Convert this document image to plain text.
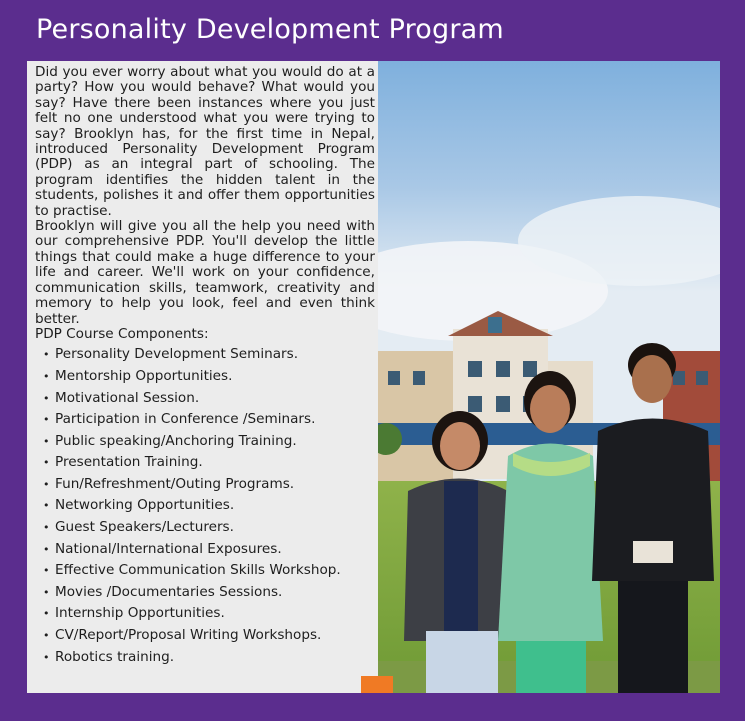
Personality Development Program

Did you ever worry about what you would do at a party? How you would behave? What would you say? Have there been instances where you just felt no one understood what you were trying to say? Brooklyn has, for the first time in Nepal, introduced Personality Development Program (PDP) as an integral part of schooling. The program identifies the hidden talent in the students, polishes it and offer them opportunities to practise.

Brooklyn will give you all the help you need with our comprehensive PDP. You'll develop the little things that could make a huge difference to your life and career. We'll work on your confidence, communication skills, teamwork, creativity and memory to help you look, feel and even think better.

PDP Course Components:

• Personality Development Seminars.
• Mentorship Opportunities.
• Motivational Session.
• Participation in Conference /Seminars.
• Public speaking/Anchoring Training.
• Presentation Training.
• Fun/Refreshment/Outing Programs.
• Networking Opportunities.
• Guest Speakers/Lecturers.
• National/International Exposures.
• Effective Communication Skills Workshop.
• Movies /Documentaries Sessions.
• Internship Opportunities.
• CV/Report/Proposal Writing Workshops.
• Robotics training.
